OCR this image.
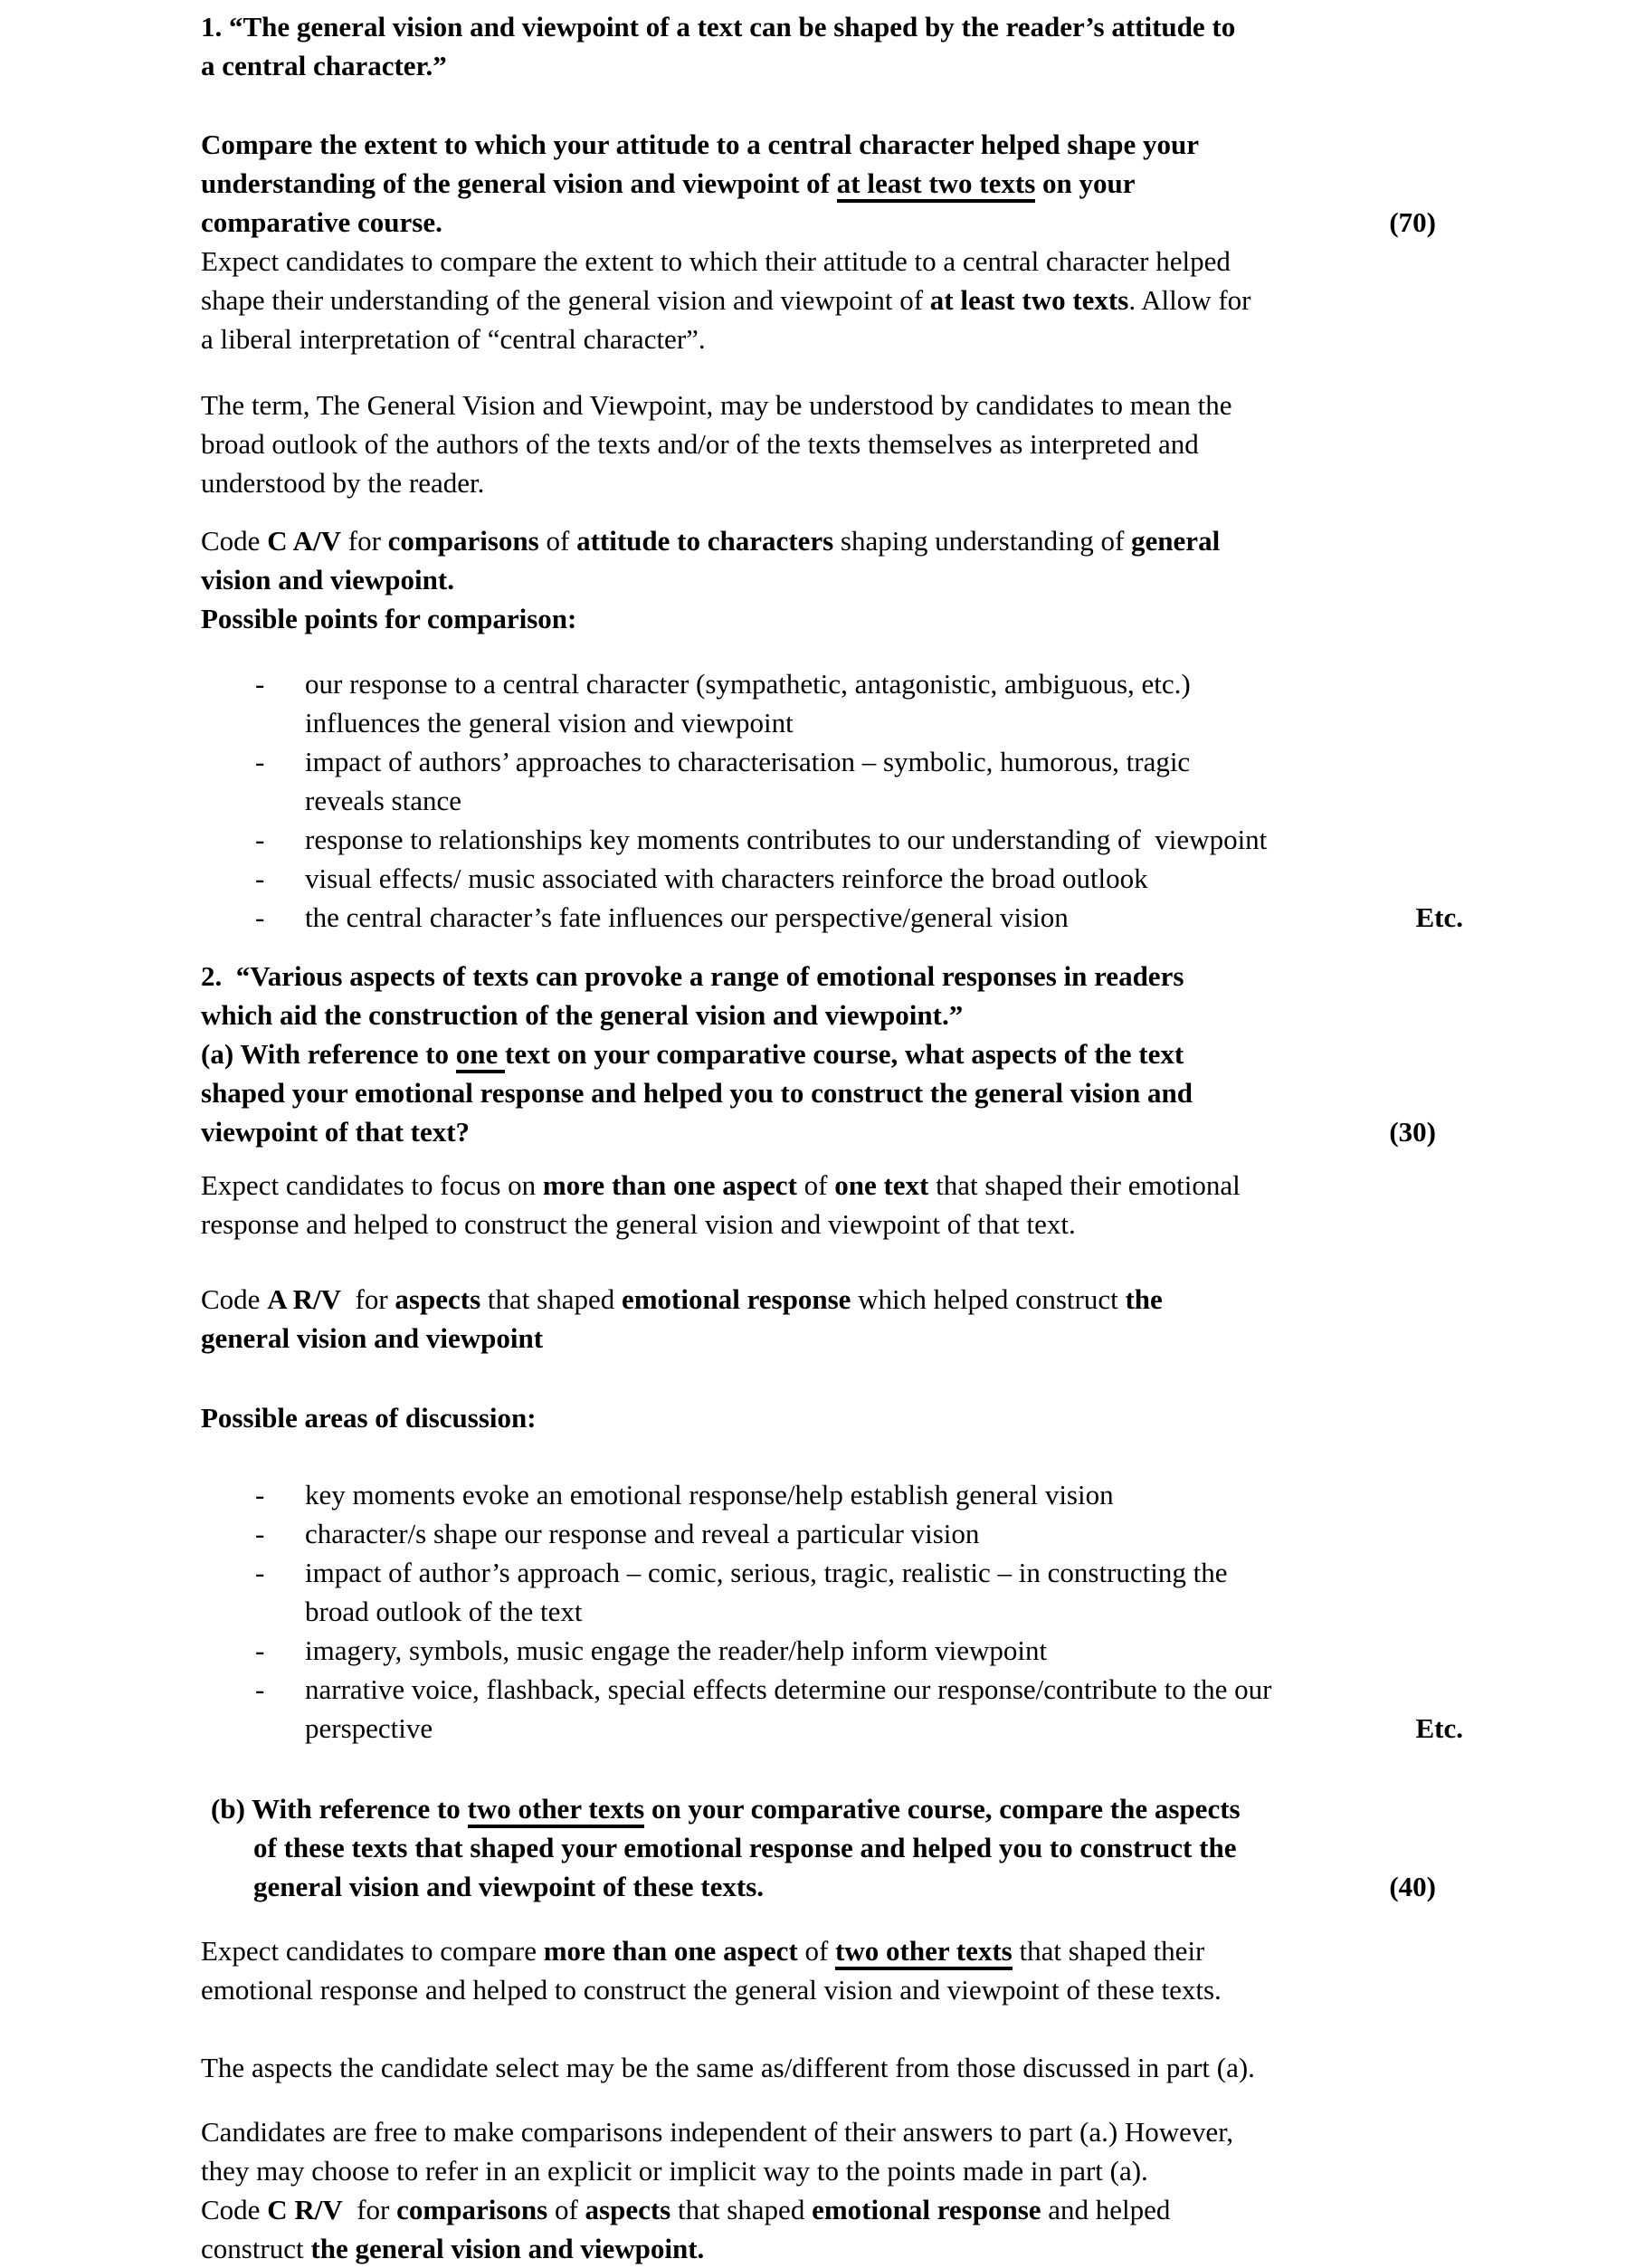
1. “The general vision and viewpoint of a text can be shaped by the reader’s attitude to
a central character.”

Compare the extent to which your attitude to a central character helped shape your
understanding of the general vision and viewpoint of at least two texts on your
comparative course.	(70)

Expect candidates to compare the extent to which their attitude to a central character helped
shape their understanding of the general vision and viewpoint of at least two texts. Allow for
a liberal interpretation of “central character”.

The term, The General Vision and Viewpoint, may be understood by candidates to mean the
broad outlook of the authors of the texts and/or of the texts themselves as interpreted and
understood by the reader.

Code C A/V for comparisons of attitude to characters shaping understanding of general
vision and viewpoint.

Possible points for comparison:

- our response to a central character (sympathetic, antagonistic, ambiguous, etc.)
influences the general vision and viewpoint
- impact of authors’ approaches to characterisation – symbolic, humorous, tragic
reveals stance
- response to relationships key moments contributes to our understanding of  viewpoint
- visual effects/ music associated with characters reinforce the broad outlook
- the central character’s fate influences our perspective/general vision	Etc.

2.  “Various aspects of texts can provoke a range of emotional responses in readers
which aid the construction of the general vision and viewpoint.”

(a) With reference to one text on your comparative course, what aspects of the text
shaped your emotional response and helped you to construct the general vision and
viewpoint of that text?	(30)

Expect candidates to focus on more than one aspect of one text that shaped their emotional
response and helped to construct the general vision and viewpoint of that text.

Code A R/V  for aspects that shaped emotional response which helped construct the
general vision and viewpoint

Possible areas of discussion:

- key moments evoke an emotional response/help establish general vision
- character/s shape our response and reveal a particular vision
- impact of author’s approach – comic, serious, tragic, realistic – in constructing the
broad outlook of the text
- imagery, symbols, music engage the reader/help inform viewpoint
- narrative voice, flashback, special effects determine our response/contribute to the our
perspective	Etc.

(b) With reference to two other texts on your comparative course, compare the aspects
of these texts that shaped your emotional response and helped you to construct the
general vision and viewpoint of these texts.	(40)

Expect candidates to compare more than one aspect of two other texts that shaped their
emotional response and helped to construct the general vision and viewpoint of these texts.

The aspects the candidate select may be the same as/different from those discussed in part (a).

Candidates are free to make comparisons independent of their answers to part (a.) However,
they may choose to refer in an explicit or implicit way to the points made in part (a).
Code C R/V  for comparisons of aspects that shaped emotional response and helped
construct the general vision and viewpoint.
